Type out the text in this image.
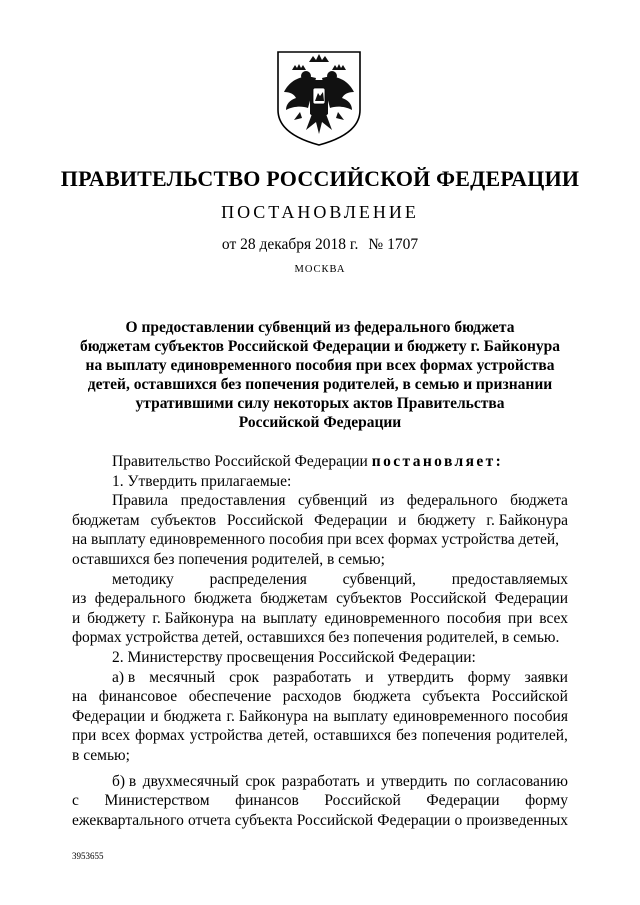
ПРАВИТЕЛЬСТВО РОССИЙСКОЙ ФЕДЕРАЦИИ
ПОСТАНОВЛЕНИЕ
от 28 декабря 2018 г. № 1707
МОСКВА
О предоставлении субвенций из федерального бюджета
бюджетам субъектов Российской Федерации и бюджету г. Байконура
на выплату единовременного пособия при всех формах устройства
детей, оставшихся без попечения родителей, в семью и признании
утратившими силу некоторых актов Правительства
Российской Федерации
Правительство Российской Федерации постановляет:
1. Утвердить прилагаемые:
Правила предоставления субвенций из федерального бюджета
бюджетам субъектов Российской Федерации и бюджету г. Байконура
на выплату единовременного пособия при всех формах устройства детей,
оставшихся без попечения родителей, в семью;
методику распределения субвенций, предоставляемых
из федерального бюджета бюджетам субъектов Российской Федерации
и бюджету г. Байконура на выплату единовременного пособия при всех
формах устройства детей, оставшихся без попечения родителей, в семью.
2. Министерству просвещения Российской Федерации:
а) в месячный срок разработать и утвердить форму заявки
на финансовое обеспечение расходов бюджета субъекта Российской
Федерации и бюджета г. Байконура на выплату единовременного пособия
при всех формах устройства детей, оставшихся без попечения родителей,
в семью;
б) в двухмесячный срок разработать и утвердить по согласованию
с Министерством финансов Российской Федерации форму
ежеквартального отчета субъекта Российской Федерации о произведенных
3953655
